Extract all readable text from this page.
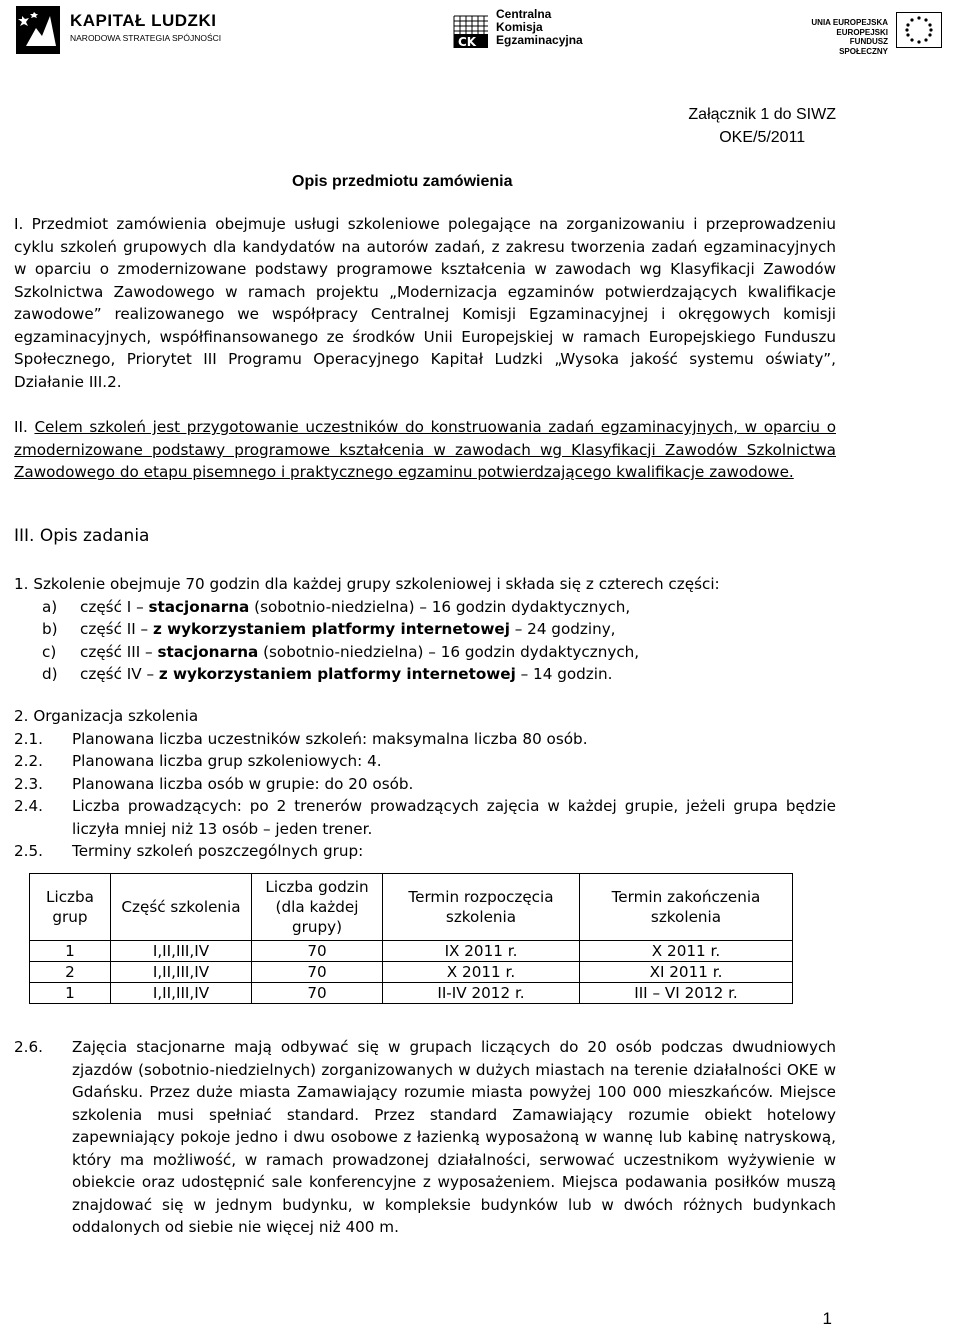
KAPITAŁ LUDZKI
NARODOWA STRATEGIA SPÓJNOŚCI	CK
Centralna
Komisja
Egzaminacyjna
UNIA EUROPEJSKA
EUROPEJSKI
FUNDUSZ SPOŁECZNY
Załącznik 1 do SIWZ
OKE/5/2011
Opis przedmiotu zamówienia
I. Przedmiot zamówienia obejmuje usługi szkoleniowe polegające na zorganizowaniu i przeprowadzeniu cyklu szkoleń grupowych dla kandydatów na autorów zadań, z zakresu tworzenia zadań egzaminacyjnych w oparciu o zmodernizowane podstawy programowe kształcenia w zawodach wg Klasyfikacji Zawodów Szkolnictwa Zawodowego w ramach projektu „Modernizacja egzaminów potwierdzających kwalifikacje zawodowe” realizowanego we współpracy Centralnej Komisji Egzaminacyjnej i okręgowych komisji egzaminacyjnych, współfinansowanego ze środków Unii Europejskiej w ramach Europejskiego Funduszu Społecznego, Priorytet III Programu Operacyjnego Kapitał Ludzki „Wysoka jakość systemu oświaty”, Działanie III.2.
II. Celem szkoleń jest przygotowanie uczestników do konstruowania zadań egzaminacyjnych, w oparciu o zmodernizowane podstawy programowe kształcenia w zawodach wg Klasyfikacji Zawodów Szkolnictwa Zawodowego do etapu pisemnego i praktycznego egzaminu potwierdzającego kwalifikacje zawodowe.
III. Opis zadania
1. Szkolenie obejmuje 70 godzin dla każdej grupy szkoleniowej i składa się z czterech części:
a)	część I – stacjonarna (sobotnio-niedzielna) – 16 godzin dydaktycznych,
b)	część II – z wykorzystaniem platformy internetowej – 24 godziny,
c)	część III – stacjonarna (sobotnio-niedzielna) – 16 godzin dydaktycznych,
d)	część IV – z wykorzystaniem platformy internetowej – 14 godzin.
2. Organizacja szkolenia
2.1.	Planowana liczba uczestników szkoleń: maksymalna liczba 80 osób.
2.2.	Planowana liczba grup szkoleniowych: 4.
2.3.	Planowana liczba osób w grupie: do 20 osób.
2.4.	Liczba prowadzących: po 2 trenerów prowadzących zajęcia w każdej grupie, jeżeli grupa będzie liczyła mniej niż 13 osób – jeden trener.
2.5.	Terminy szkoleń poszczególnych grup:
Liczba grup	Część szkolenia	Liczba godzin (dla każdej grupy)	Termin rozpoczęcia szkolenia	Termin zakończenia szkolenia
1	I,II,III,IV	70	IX 2011 r.	X 2011 r.
2	I,II,III,IV	70	X 2011 r.	XI 2011 r.
1	I,II,III,IV	70	II-IV 2012 r.	III – VI 2012 r.
2.6.	Zajęcia stacjonarne mają odbywać się w grupach liczących do 20 osób podczas dwudniowych zjazdów (sobotnio-niedzielnych) zorganizowanych w dużych miastach na terenie działalności OKE w Gdańsku. Przez duże miasta Zamawiający rozumie miasta powyżej 100 000 mieszkańców. Miejsce szkolenia musi spełniać standard. Przez standard Zamawiający rozumie obiekt hotelowy zapewniający pokoje jedno i dwu osobowe z łazienką wyposażoną w wannę lub kabinę natryskową, który ma możliwość, w ramach prowadzonej działalności, serwować uczestnikom wyżywienie w obiekcie oraz udostępnić sale konferencyjne z wyposażeniem. Miejsca podawania posiłków muszą znajdować się w jednym budynku, w kompleksie budynków lub w dwóch różnych budynkach oddalonych od siebie nie więcej niż 400 m.
1
